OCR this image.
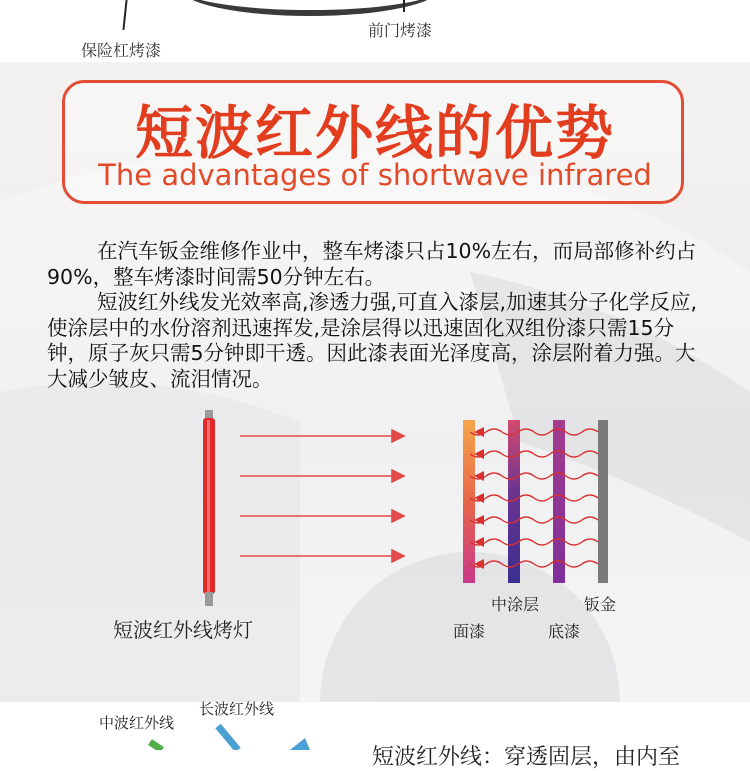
保险杠烤漆
前门烤漆
短波红外线的优势
The advantages of shortwave infrared
在汽车钣金维修作业中，整车烤漆只占10%左右，而局部修补约占90%，整车烤漆时间需50分钟左右。
短波红外线发光效率高,渗透力强,可直入漆层,加速其分子化学反应,使涂层中的水份溶剂迅速挥发,是涂层得以迅速固化双组份漆只需15分钟，原子灰只需5分钟即干透。因此漆表面光泽度高，涂层附着力强。大大减少皱皮、流泪情况。
短波红外线烤灯	面漆
中涂层
底漆
钣金
中波红外线
长波红外线
短波红外线：穿透固层，由内至
